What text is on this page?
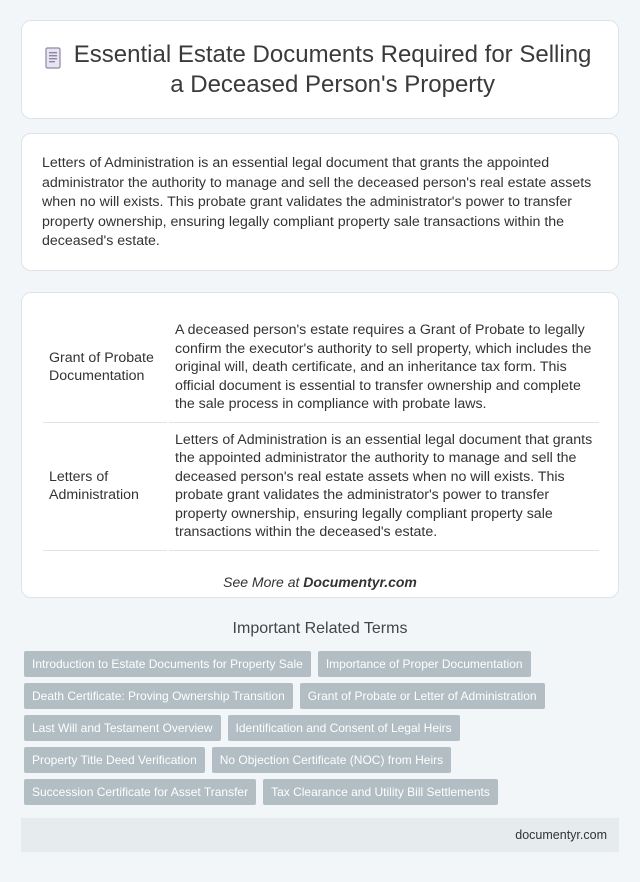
Essential Estate Documents Required for Selling a Deceased Person's Property

Letters of Administration is an essential legal document that grants the appointed administrator the authority to manage and sell the deceased person's real estate assets when no will exists. This probate grant validates the administrator's power to transfer property ownership, ensuring legally compliant property sale transactions within the deceased's estate.

Grant of Probate Documentation	A deceased person's estate requires a Grant of Probate to legally confirm the executor's authority to sell property, which includes the original will, death certificate, and an inheritance tax form. This official document is essential to transfer ownership and complete the sale process in compliance with probate laws.
Letters of Administration	Letters of Administration is an essential legal document that grants the appointed administrator the authority to manage and sell the deceased person's real estate assets when no will exists. This probate grant validates the administrator's power to transfer property ownership, ensuring legally compliant property sale transactions within the deceased's estate.
See More at Documentyr.com
Important Related Terms
Introduction to Estate Documents for Property Sale	Importance of Proper Documentation
Death Certificate: Proving Ownership Transition	Grant of Probate or Letter of Administration
Last Will and Testament Overview	Identification and Consent of Legal Heirs
Property Title Deed Verification	No Objection Certificate (NOC) from Heirs
Succession Certificate for Asset Transfer	Tax Clearance and Utility Bill Settlements
documentyr.com
